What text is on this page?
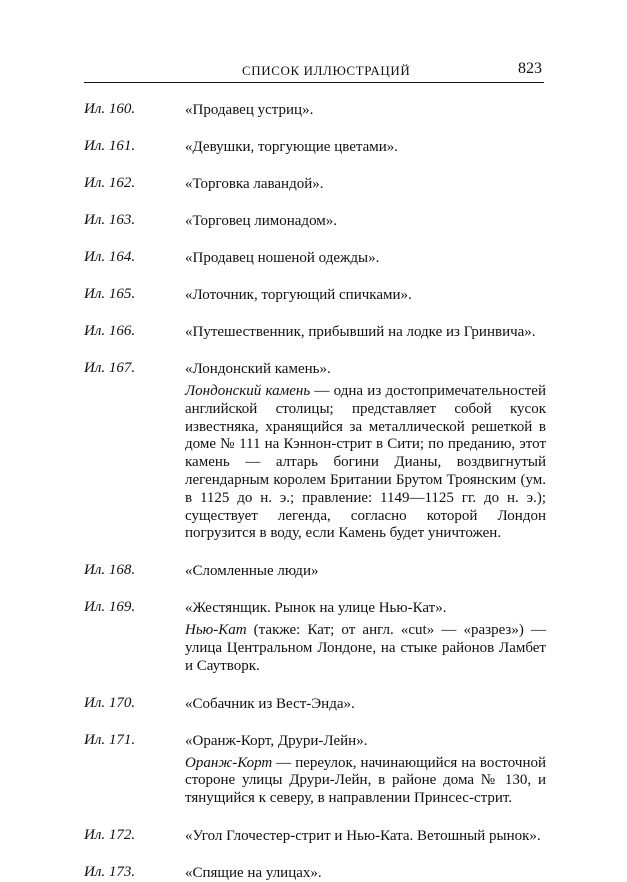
СПИСОК ИЛЛЮСТРАЦИЙ	823
Ил. 160.	«Продавец устриц».
Ил. 161.	«Девушки, торгующие цветами».
Ил. 162.	«Торговка лавандой».
Ил. 163.	«Торговец лимонадом».
Ил. 164.	«Продавец ношеной одежды».
Ил. 165.	«Лоточник, торгующий спичками».
Ил. 166.	«Путешественник, прибывший на лодке из Гринвича».
Ил. 167.	«Лондонский камень».
Лондонский камень — одна из достопримечательностей английской столицы; представляет собой кусок известняка, хранящийся за металлической решеткой в доме № 111 на Кэннон-стрит в Сити; по преданию, этот камень — алтарь богини Дианы, воздвигнутый легендарным королем Британии Брутом Троянским (ум. в 1125 до н. э.; правление: 1149—1125 гг. до н. э.); существует легенда, согласно которой Лондон погрузится в воду, если Камень будет уничтожен.
Ил. 168.	«Сломленные люди»
Ил. 169.	«Жестянщик. Рынок на улице Нью-Кат».
Нью-Кат (также: Кат; от англ. «cut» — «разрез») — улица Центральном Лондоне, на стыке районов Ламбет и Саутворк.
Ил. 170.	«Собачник из Вест-Энда».
Ил. 171.	«Оранж-Корт, Друри-Лейн».
Оранж-Корт — переулок, начинающийся на восточной стороне улицы Друри-Лейн, в районе дома № 130, и тянущийся к северу, в направлении Принсес-стрит.
Ил. 172.	«Угол Глочестер-стрит и Нью-Ката. Ветошный рынок».
Ил. 173.	«Спящие на улицах».
